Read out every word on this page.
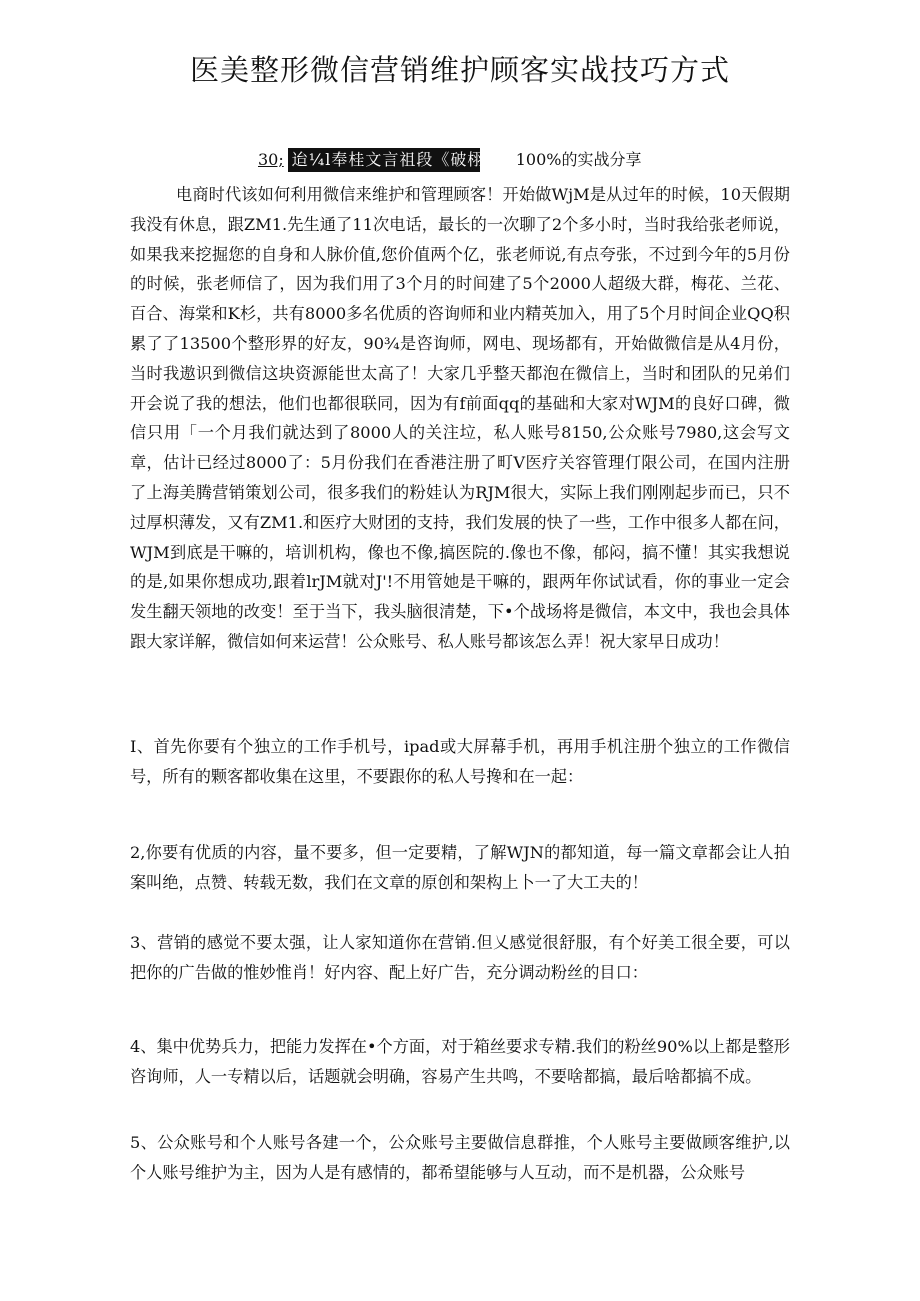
医美整形微信营销维护顾客实战技巧方式
30; 迨¼l奉桂文言祖段《破栩 100%的实战分享

电商时代该如何利用微信来维护和管理顾客！开始做WjM是从过年的时候，10天假期我没有休息，跟ZM1.先生通了11次电话，最长的一次聊了2个多小时，当时我给张老师说，如果我来挖掘您的自身和人脉价值,您价值两个亿，张老师说,有点夸张，不过到今年的5月份的时候，张老师信了，因为我们用了3个月的时间建了5个2000人超级大群，梅花、兰花、百合、海棠和K杉，共有8000多名优质的咨询师和业内精英加入，用了5个月时间企业QQ积累了了13500个整形界的好友，90¾是咨询师，网电、现场都有，开始做微信是从4月份，当时我遨识到微信这块资源能世太高了！大家几乎整天都泡在微信上，当时和团队的兄弟们开会说了我的想法，他们也都很联同，因为有f前面qq的基础和大家对WJM的良好口碑，微信只用「一个月我们就达到了8000人的关注垃，私人账号8150,公众账号7980,这会写文章，估计已经过8000了：5月份我们在香港注册了町V医疗关容管理仃限公司，在国内注册了上海美腾营销策划公司，很多我们的粉娃认为RJM很大，实际上我们刚刚起步而已，只不过厚枳薄发，又有ZM1.和医疗大财团的支持，我们发展的快了一些，工作中很多人都在问，WJM到底是干嘛的，培训机构，像也不像,搞医院的.像也不像，郁闷，搞不懂！其实我想说的是,如果你想成功,跟着lrJM就对J'!不用管她是干嘛的，跟两年你试试看，你的事业一定会发生翻天领地的改变！至于当下，我头脑很清楚，下•个战场将是微信，本文中，我也会具体跟大家详解，微信如何来运营！公众账号、私人账号都该怎么弄！祝大家早日成功！

I、首先你要有个独立的工作手机号，ipad或大屏幕手机，再用手机注册个独立的工作微信号，所有的颗客都收集在这里，不要跟你的私人号搀和在一起：

2,你要有优质的内容，量不要多，但一定要精，了解WJN的都知道，每一篇文章都会让人拍案叫绝，点赞、转载无数，我们在文章的原创和架构上卜一了大工夫的！

3、营销的感觉不要太强，让人家知道你在营销.但乂感觉很舒服，有个好美工很全要，可以把你的广告做的惟妙惟肖！好内容、配上好广告，充分调动粉丝的目口：

4、集中优势兵力，把能力发挥在•个方面，对于箱丝要求专精.我们的粉丝90%以上都是整形咨询师，人一专精以后，话题就会明确，容易产生共鸣，不要啥都搞，最后啥都搞不成。

5、公众账号和个人账号各建一个，公众账号主要做信息群推，个人账号主要做顾客维护,以个人账号维护为主，因为人是有感情的，都希望能够与人互动，而不是机器，公众账号
